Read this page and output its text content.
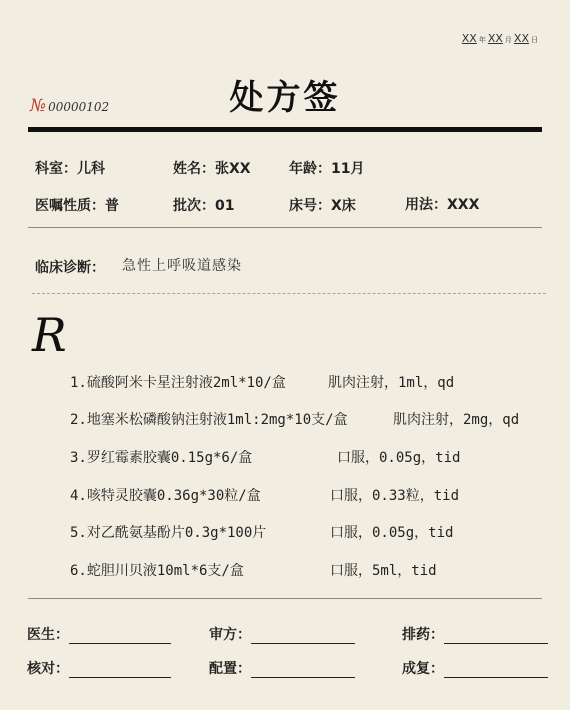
XX 年 XX 月 XX 日
№ 00000102	处方签
科室：儿科	姓名：张XX	年龄：11月
医嘱性质：普	批次：01	床号：X床	用法：XXX
临床诊断： 急性上呼吸道感染
R
1.硫酸阿米卡星注射液2ml*10/盒	肌肉注射，1ml，qd
2.地塞米松磷酸钠注射液1ml:2mg*10支/盒	肌肉注射，2mg，qd
3.罗红霉素胶囊0.15g*6/盒	口服，0.05g，tid
4.咳特灵胶囊0.36g*30粒/盒	口服，0.33粒，tid
5.对乙酰氨基酚片0.3g*100片	口服，0.05g，tid
6.蛇胆川贝液10ml*6支/盒	口服，5ml，tid
医生：	审方：	排药：
核对：	配置：	成复：
